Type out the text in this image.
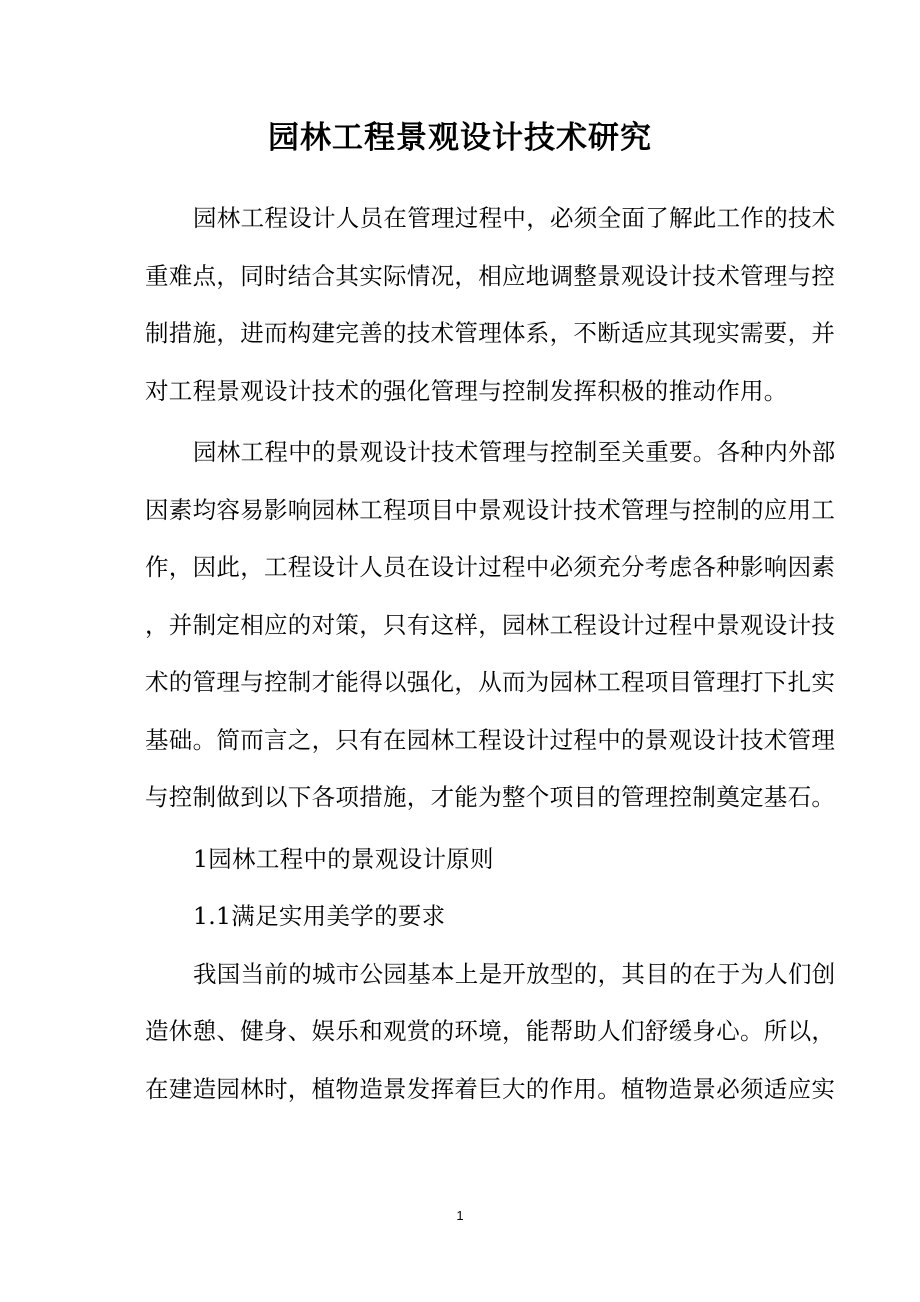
园林工程景观设计技术研究
园林工程设计人员在管理过程中，必须全面了解此工作的技术
重难点，同时结合其实际情况，相应地调整景观设计技术管理与控
制措施，进而构建完善的技术管理体系，不断适应其现实需要，并
对工程景观设计技术的强化管理与控制发挥积极的推动作用。
园林工程中的景观设计技术管理与控制至关重要。各种内外部
因素均容易影响园林工程项目中景观设计技术管理与控制的应用工
作，因此，工程设计人员在设计过程中必须充分考虑各种影响因素
，并制定相应的对策，只有这样，园林工程设计过程中景观设计技
术的管理与控制才能得以强化，从而为园林工程项目管理打下扎实
基础。简而言之，只有在园林工程设计过程中的景观设计技术管理
与控制做到以下各项措施，才能为整个项目的管理控制奠定基石。
1园林工程中的景观设计原则
1.1满足实用美学的要求
我国当前的城市公园基本上是开放型的，其目的在于为人们创
造休憩、健身、娱乐和观赏的环境，能帮助人们舒缓身心。所以，
在建造园林时，植物造景发挥着巨大的作用。植物造景必须适应实
1
